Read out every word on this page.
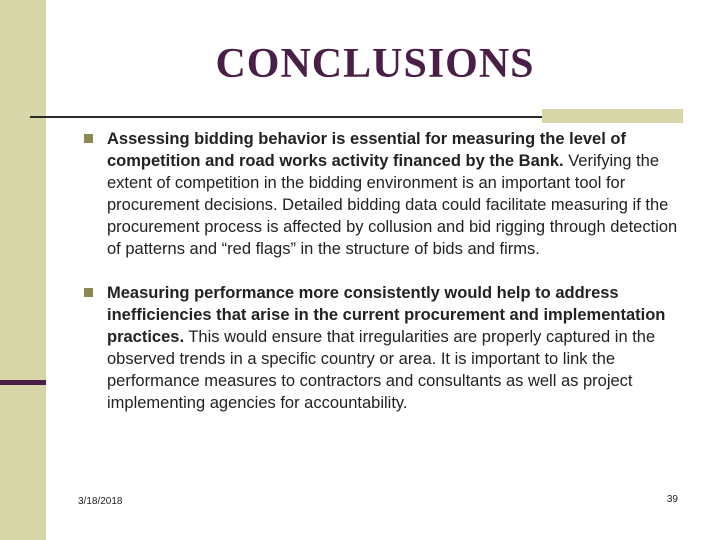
CONCLUSIONS
Assessing bidding behavior is essential for measuring the level of competition and road works activity financed by the Bank. Verifying the extent of competition in the bidding environment is an important tool for procurement decisions. Detailed bidding data could facilitate measuring if the procurement process is affected by collusion and bid rigging through detection of patterns and “red flags” in the structure of bids and firms.
Measuring performance more consistently would help to address inefficiencies that arise in the current procurement and implementation practices. This would ensure that irregularities are properly captured in the observed trends in a specific country or area. It is important to link the performance measures to contractors and consultants as well as project implementing agencies for accountability.
3/18/2018	39
